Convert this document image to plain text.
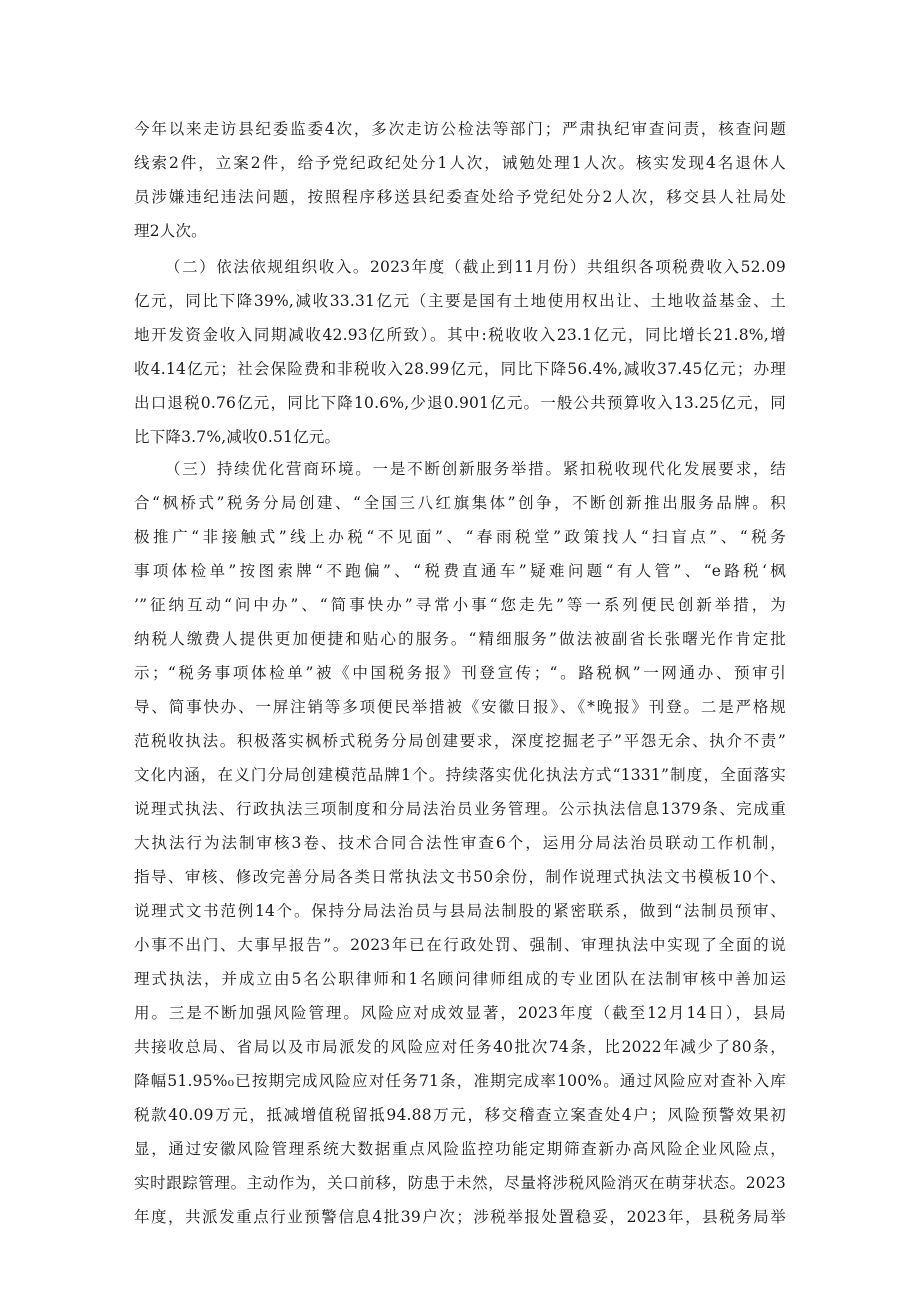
今年以来走访县纪委监委4次，多次走访公检法等部门；严肃执纪审查问责，核查问题
线索2件，立案2件，给予党纪政纪处分1人次，诫勉处理1人次。核实发现4名退休人
员涉嫌违纪违法问题，按照程序移送县纪委查处给予党纪处分2人次，移交县人社局处
理2人次。
（二）依法依规组织收入。2023年度（截止到11月份）共组织各项税费收入52.09
亿元，同比下降39%,减收33.31亿元（主要是国有土地使用权出让、土地收益基金、土
地开发资金收入同期减收42.93亿所致）。其中:税收收入23.1亿元，同比增长21.8%,增
收4.14亿元；社会保险费和非税收入28.99亿元，同比下降56.4%,减收37.45亿元；办理
出口退税0.76亿元，同比下降10.6%,少退0.901亿元。一般公共预算收入13.25亿元，同
比下降3.7%,减收0.51亿元。
（三）持续优化营商环境。一是不断创新服务举措。紧扣税收现代化发展要求，结
合“枫桥式”税务分局创建、“全国三八红旗集体”创争，不断创新推出服务品牌。积
极推广“非接触式”线上办税“不见面”、“春雨税堂”政策找人“扫盲点”、“税务
事项体检单”按图索牌“不跑偏”、“税费直通车”疑难问题“有人管”、“e路税‘枫
’”征纳互动“问中办”、“简事快办”寻常小事“您走先”等一系列便民创新举措，为
纳税人缴费人提供更加便捷和贴心的服务。“精细服务”做法被副省长张曙光作肯定批
示；“税务事项体检单”被《中国税务报》刊登宣传；“。路税枫”一网通办、预审引
导、简事快办、一屏注销等多项便民举措被《安徽日报》、《*晚报》刊登。二是严格规
范税收执法。积极落实枫桥式税务分局创建要求，深度挖掘老子”平怨无余、执介不责”
文化内涵，在义门分局创建模范品牌1个。持续落实优化执法方式“1331”制度，全面落实
说理式执法、行政执法三项制度和分局法治员业务管理。公示执法信息1379条、完成重
大执法行为法制审核3卷、技术合同合法性审查6个，运用分局法治员联动工作机制，
指导、审核、修改完善分局各类日常执法文书50余份，制作说理式执法文书模板10个、
说理式文书范例14个。保持分局法治员与县局法制股的紧密联系，做到“法制员预审、
小事不出门、大事早报告”。2023年已在行政处罚、强制、审理执法中实现了全面的说
理式执法，并成立由5名公职律师和1名顾问律师组成的专业团队在法制审核中善加运
用。三是不断加强风险管理。风险应对成效显著，2023年度（截至12月14日），县局
共接收总局、省局以及市局派发的风险应对任务40批次74条，比2022年减少了80条，
降幅51.95%₀已按期完成风险应对任务71条，准期完成率100%。通过风险应对查补入库
税款40.09万元，抵减增值税留抵94.88万元，移交稽查立案查处4户；风险预警效果初
显，通过安徽风险管理系统大数据重点风险监控功能定期筛查新办高风险企业风险点，
实时跟踪管理。主动作为，关口前移，防患于未然，尽量将涉税风险消灭在萌芽状态。2023
年度，共派发重点行业预警信息4批39户次；涉税举报处置稳妥，2023年，县税务局举
